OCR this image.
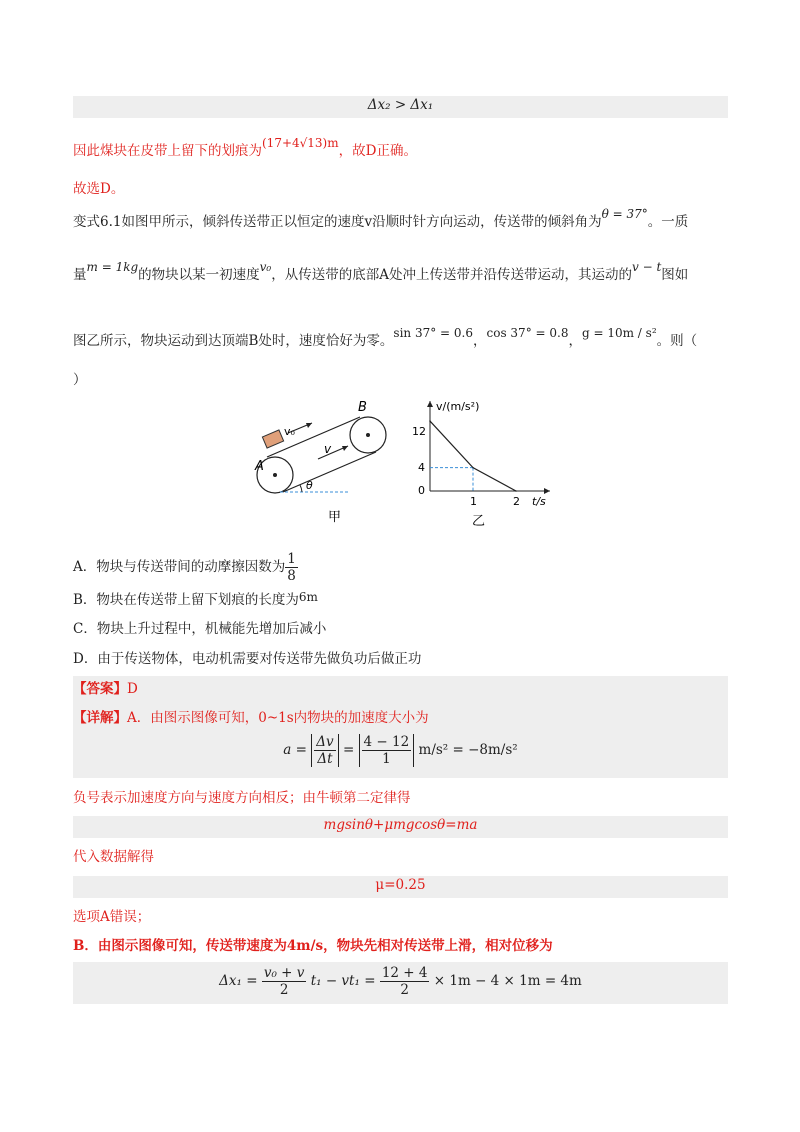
Δx₂ > Δx₁
因此煤块在皮带上留下的划痕为(17+4√13)m，故D正确。
故选D。
变式6.1如图甲所示，倾斜传送带正以恒定的速度v沿顺时针方向运动，传送带的倾斜角为θ = 37°。一质
量m = 1kg的物块以某一初速度v₀，从传送带的底部A处冲上传送带并沿传送带运动，其运动的v − t图如
图乙所示，物块运动到达顶端B处时，速度恰好为零。sin 37° = 0.6，cos 37° = 0.8，g = 10m / s²。则（
）
A
B
v₀
v
θ
甲
v/(m/s²)
t/s
12
4
0
1	2
乙
A．物块与传送带间的动摩擦因数为 $\frac{1}{8}$
B．物块在传送带上留下划痕的长度为6m
C．物块上升过程中，机械能先增加后减小
D．由于传送物体，电动机需要对传送带先做负功后做正功
【答案】D
【详解】A．由图示图像可知，0~1s内物块的加速度大小为
$a = \frac{\Delta v}{\Delta t} = \frac{4 - 12}{1} m/s^2 = -8m/s^2$
负号表示加速度方向与速度方向相反；由牛顿第二定律得
mgsinθ+μmgcosθ=ma
代入数据解得
μ=0.25
选项A错误；
B．由图示图像可知，传送带速度为4m/s，物块先相对传送带上滑，相对位移为
$\Delta x_1 = \frac{\text{v₀ + v}}{2} t_1 - vt_1 = \frac{12 + 4}{2} \times 1m - 4 \times 1m = 4m$
